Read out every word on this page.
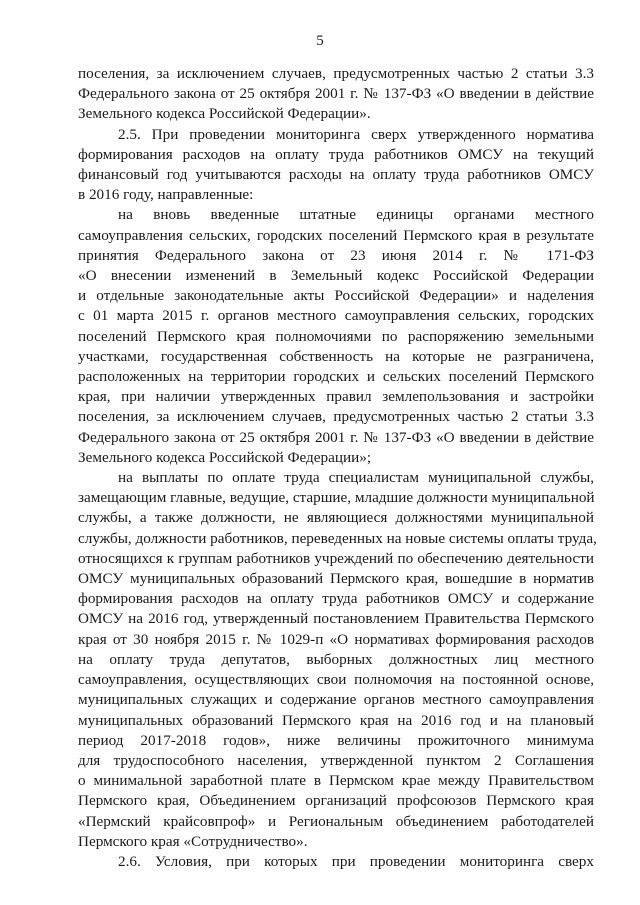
5
поселения, за исключением случаев, предусмотренных частью 2 статьи 3.3
Федерального закона от 25 октября 2001 г. № 137-ФЗ «О введении в действие
Земельного кодекса Российской Федерации».
2.5. При проведении мониторинга сверх утвержденного норматива
формирования расходов на оплату труда работников ОМСУ на текущий
финансовый год учитываются расходы на оплату труда работников ОМСУ
в 2016 году, направленные:
на вновь введенные штатные единицы органами местного
самоуправления сельских, городских поселений Пермского края в результате
принятия Федерального закона от 23 июня 2014 г. № 171-ФЗ
«О внесении изменений в Земельный кодекс Российской Федерации
и отдельные законодательные акты Российской Федерации» и наделения
с 01 марта 2015 г. органов местного самоуправления сельских, городских
поселений Пермского края полномочиями по распоряжению земельными
участками, государственная собственность на которые не разграничена,
расположенных на территории городских и сельских поселений Пермского
края, при наличии утвержденных правил землепользования и застройки
поселения, за исключением случаев, предусмотренных частью 2 статьи 3.3
Федерального закона от 25 октября 2001 г. № 137-ФЗ «О введении в действие
Земельного кодекса Российской Федерации»;
на выплаты по оплате труда специалистам муниципальной службы,
замещающим главные, ведущие, старшие, младшие должности муниципальной
службы, а также должности, не являющиеся должностями муниципальной
службы, должности работников, переведенных на новые системы оплаты труда,
относящихся к группам работников учреждений по обеспечению деятельности
ОМСУ муниципальных образований Пермского края, вошедшие в норматив
формирования расходов на оплату труда работников ОМСУ и содержание
ОМСУ на 2016 год, утвержденный постановлением Правительства Пермского
края от 30 ноября 2015 г. № 1029-п «О нормативах формирования расходов
на оплату труда депутатов, выборных должностных лиц местного
самоуправления, осуществляющих свои полномочия на постоянной основе,
муниципальных служащих и содержание органов местного самоуправления
муниципальных образований Пермского края на 2016 год и на плановый
период 2017-2018 годов», ниже величины прожиточного минимума
для трудоспособного населения, утвержденной пунктом 2 Соглашения
о минимальной заработной плате в Пермском крае между Правительством
Пермского края, Объединением организаций профсоюзов Пермского края
«Пермский крайсовпроф» и Региональным объединением работодателей
Пермского края «Сотрудничество».
2.6. Условия, при которых при проведении мониторинга сверх
